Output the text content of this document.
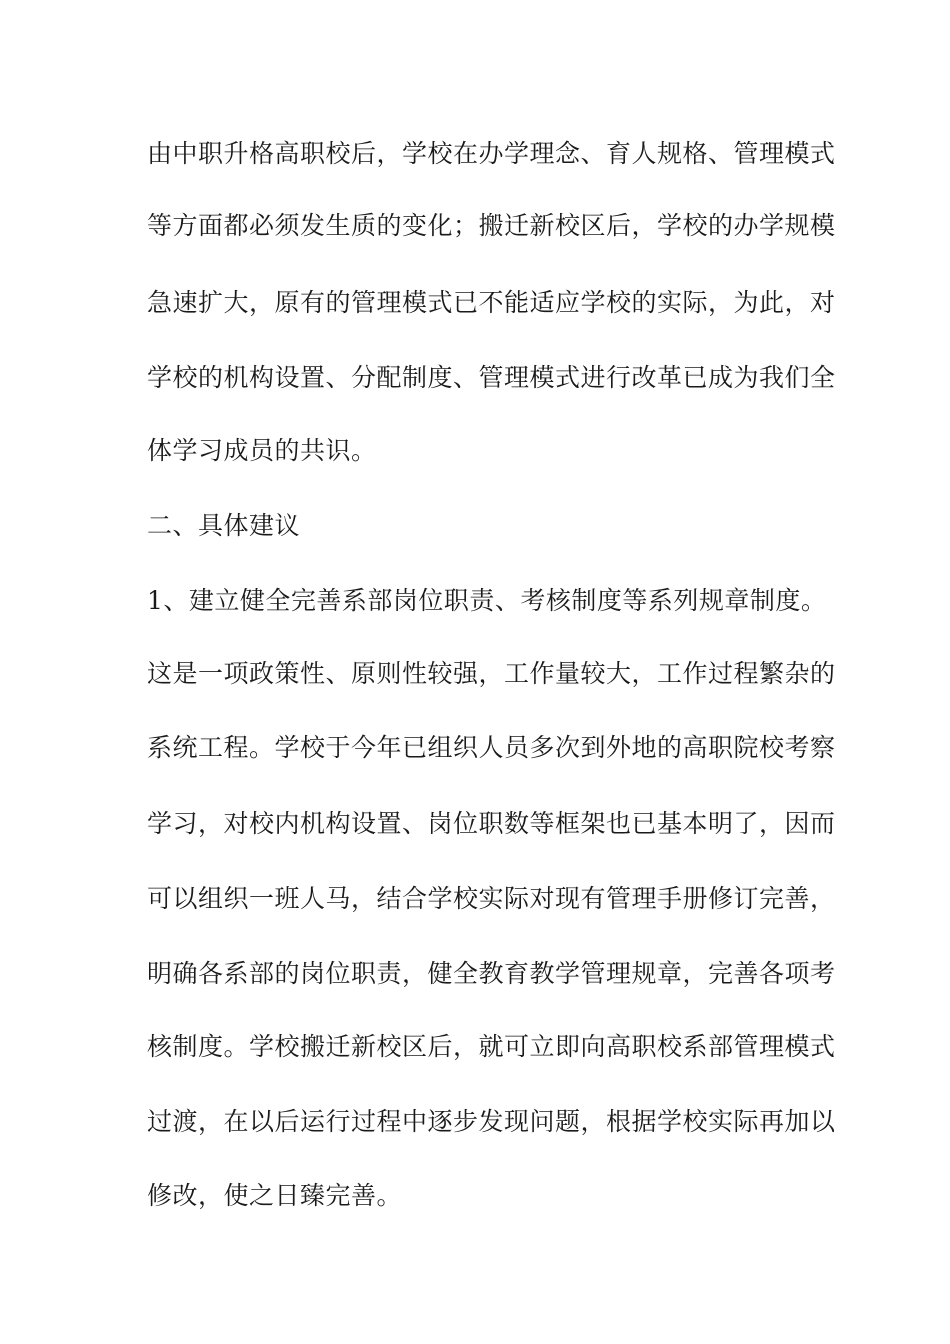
由中职升格高职校后，学校在办学理念、育人规格、管理模式

等方面都必须发生质的变化；搬迁新校区后，学校的办学规模

急速扩大，原有的管理模式已不能适应学校的实际，为此，对

学校的机构设置、分配制度、管理模式进行改革已成为我们全

体学习成员的共识。

二、具体建议

1、建立健全完善系部岗位职责、考核制度等系列规章制度。

这是一项政策性、原则性较强，工作量较大，工作过程繁杂的

系统工程。学校于今年已组织人员多次到外地的高职院校考察

学习，对校内机构设置、岗位职数等框架也已基本明了，因而

可以组织一班人马，结合学校实际对现有管理手册修订完善，

明确各系部的岗位职责，健全教育教学管理规章，完善各项考

核制度。学校搬迁新校区后，就可立即向高职校系部管理模式

过渡，在以后运行过程中逐步发现问题，根据学校实际再加以

修改，使之日臻完善。
